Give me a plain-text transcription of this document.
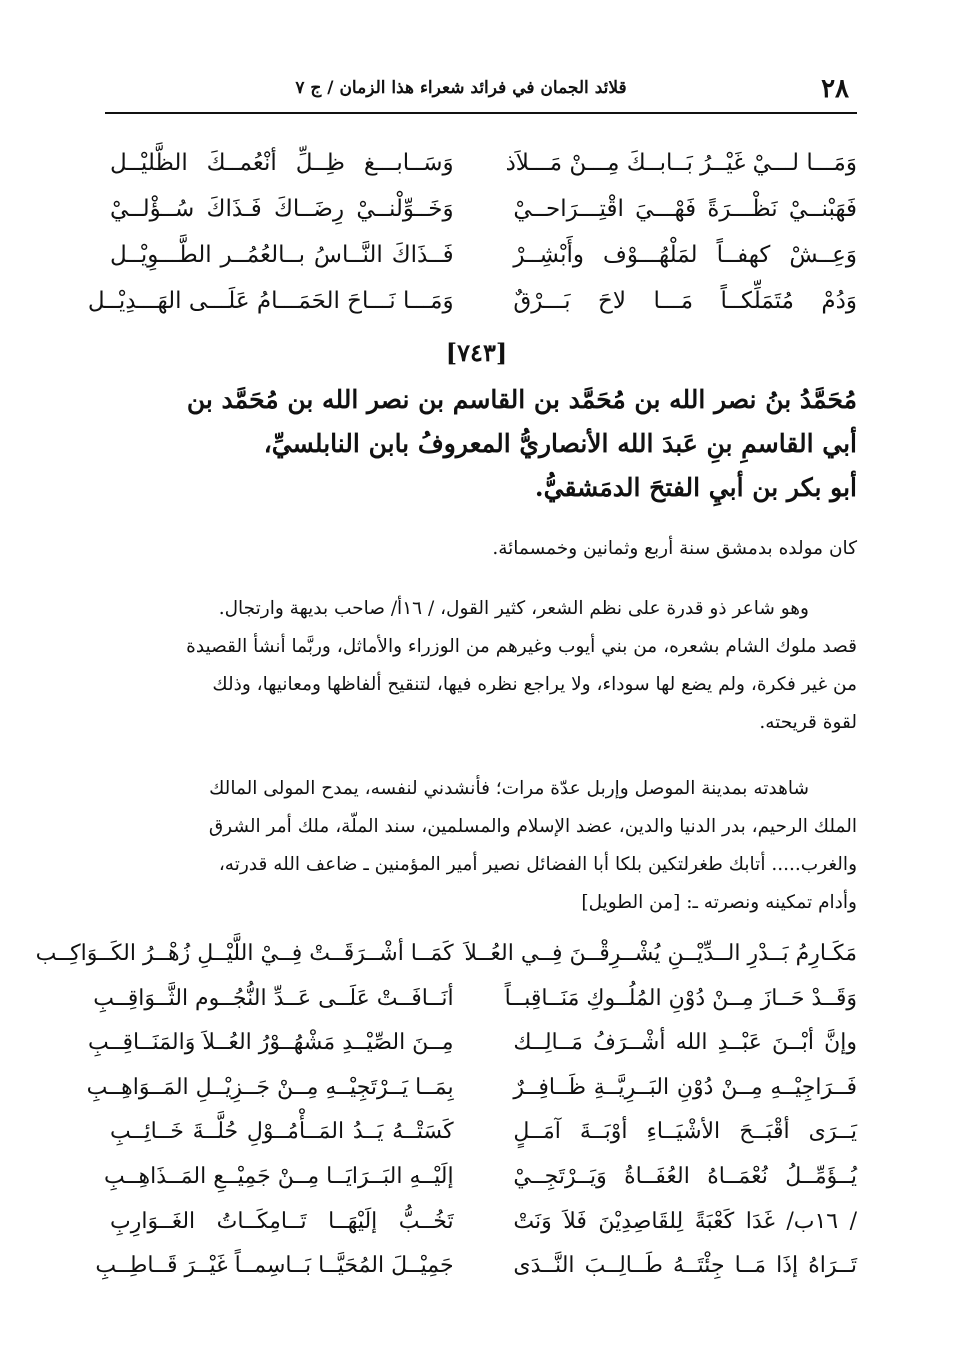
٢٨
قلائد الجمان في فرائد شعراء هذا الزمان / ج ٧
وَمَـــا لـــيْ غَيْــرُ بَــابــكَ مِـــنْ مَـــلاَذ
وَسَــابـــغ ظِــلِّ أنْعُمــكَ الظَّليْــل
فَهَبْنــيْ نَظْـــرَةً فَهْـــيَ اقْتِـــرَاحــيْ
وَخَــوِّلْنــيْ رِضَــاكَ فَـذَاكَ سُــؤْلــيْ
وَعِــشْ كهفــاً لمَلْهُـــوْف وأَبْشِــرْ
فَــذَاكَ النَّــاسُ بــالعُمُــر الطَّـــوِيْــل
وَدُمْ مُتَمَلِّكــاً مَـــا لاحَ بَـــرْقٌ
وَمَـــا نَـــاحَ الحَمَـــامُ عَلَـــى الهَـــدِيْــل
[٧٤٣]
مُحَمَّدُ بنُ نصر الله بن مُحَمَّد بن القاسم بن نصر الله بن مُحَمَّد بن
أبي القاسمِ بنِ عَبدَ الله الأنصاريُّ المعروفُ بابن النابلسيِّ،
أبو بكر بن أبيِ الفتحَ الدمَشقيُّ.
كان مولده بدمشق سنة أربع وثمانين وخمسمائة.
وهو شاعر ذو قدرة على نظم الشعر، كثير القول، / ١٦أ/ صاحب بديهة وارتجال.
قصد ملوك الشام بشعره، من بني أيوب وغيرهم من الوزراء والأماثل، وربَّما أنشأ القصيدة
من غير فكرة، ولم يضع لها سوداء، ولا يراجع نظره فيها، لتنقيح ألفاظها ومعانيها، وذلك
لقوة قريحته.
شاهدته بمدينة الموصل وإربل عدّة مرات؛ فأنشدني لنفسه، يمدح المولى المالك
الملك الرحيم، بدر الدنيا والدين، عضد الإسلام والمسلمين، سند الملّة، ملك أمر الشرق
والغرب..... أتابك طغرلتكين بلكا أبا الفضائل نصير أمير المؤمنين ـ ضاعف الله قدرته،
وأدام تمكينه ونصرته ـ: [من الطويل]
مَكَـارِمُ بَــدْرِ الــدِّيْــنِ يُشْــرِقْــنَ فِــي العُــلاَ
كَمَــا أشْــرَقَــتْ فِــيْ اللَّيْــلِ زُهْــرُ الكَــوَاكِــب
وَقَــدْ حَــازَ مِــنْ دُوْنِ المُلُــوكِ مَنَــاقِبــاً
أنَــافَــتْ عَلَــى عَــدِّ النُّجُــوم الثَّــوَاقِــبِ
وإنَّ أبْــنَ عَبْــدِ الله أشْــرَفُ مَــالِــك
مِــنَ الصِّيْــدِ مَشْهُــوْرُ العُــلاَ وَالمَنَــاقِــبِ
فَــرَاجِيْــهِ مِــنْ دُوْنِ البَــرِيَّــةِ ظَــافِــرٌ
بِمَــا يَــرْتَجِيْــهِ مِــنْ جَــزِيْــلِ المَــوَاهِــبِ
يَــرَى أقْبَــحَ الأشْيَــاءِ أوْبَــةَ آمَــلٍ
كَسَتْــهُ يَــدُ المَــأْمُــوْلِ حُلَّــةَ خَــائِــبِ
يُــؤَمِّــلُ نُعْمَــاهُ العُفَــاةُ وَيَــرْتَجِــيْ
إلَيْــهِ البَــرَايَــا مِــنْ جَمِيْــعِ المَــذَاهِــبِ
/ ١٦ب/ غَدَا كَعْبَةً لِلقَاصِدِيْنَ فَلاَ وَنَتْ
تَخُــبُّ إلَيْهَــا تَــامِكَــاتُ الغَــوَارِبِ
تَــرَاهُ إذَا مَــا جِئْتَــهُ طَــالِــبَ النَّــدَى
جَمِيْــلَ المُحَيَّــا بَــاسِمــاً غَيْــرَ قَــاطِــبِ
